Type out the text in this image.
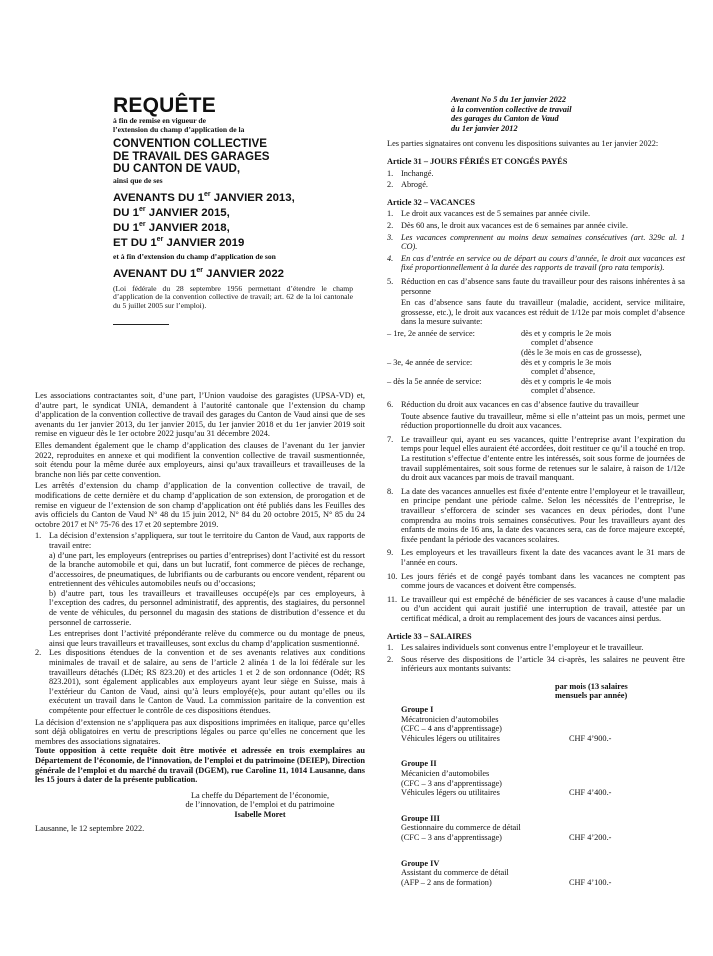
REQUÊTE
à fin de remise en vigueur de
l’extension du champ d’application de la
CONVENTION COLLECTIVE
DE TRAVAIL DES GARAGES
DU CANTON DE VAUD,
ainsi que de ses
AVENANTS DU 1er JANVIER 2013,
DU 1er JANVIER 2015,
DU 1er JANVIER 2018,
ET DU 1er JANVIER 2019
et à fin d’extension du champ d’application de son
AVENANT DU 1er JANVIER 2022
(Loi fédérale du 28 septembre 1956 permettant d’étendre le champ d’application de la convention collective de travail; art. 62 de la loi cantonale du 5 juillet 2005 sur l’emploi).

Les associations contractantes soit, d’une part, l’Union vaudoise des garagistes (UPSA-VD) et, d’autre part, le syndicat UNIA, demandent à l’autorité cantonale que l’extension du champ d’application de la convention collective de travail des garages du Canton de Vaud ainsi que de ses avenants du 1er janvier 2013, du 1er janvier 2015, du 1er janvier 2018 et du 1er janvier 2019 soit remise en vigueur dès le 1er octobre 2022 jusqu’au 31 décembre 2024.

Elles demandent également que le champ d’application des clauses de l’avenant du 1er janvier 2022, reproduites en annexe et qui modifient la convention collective de travail susmentionnée, soit étendu pour la même durée aux employeurs, ainsi qu’aux travailleurs et travailleuses de la branche non liés par cette convention.

Les arrêtés d’extension du champ d’application de la convention collective de travail, de modifications de cette dernière et du champ d’application de son extension, de prorogation et de remise en vigueur de l’extension de son champ d’application ont été publiés dans les Feuilles des avis officiels du Canton de Vaud N° 48 du 15 juin 2012, N° 84 du 20 octobre 2015, N° 85 du 24 octobre 2017 et N° 75-76 des 17 et 20 septembre 2019.

1. La décision d’extension s’appliquera, sur tout le territoire du Canton de Vaud, aux rapports de travail entre:

a) d’une part, les employeurs (entreprises ou parties d’entreprises) dont l’activité est du ressort de la branche automobile et qui, dans un but lucratif, font commerce de pièces de rechange, d’accessoires, de pneumatiques, de lubrifiants ou de carburants ou encore vendent, réparent ou entretiennent des véhicules automobiles neufs ou d’occasions;

b) d’autre part, tous les travailleurs et travailleuses occupé(e)s par ces employeurs, à l’exception des cadres, du personnel administratif, des apprentis, des stagiaires, du personnel de vente de véhicules, du personnel du magasin des stations de distribution d’essence et du personnel de carrosserie.

Les entreprises dont l’activité prépondérante relève du commerce ou du montage de pneus, ainsi que leurs travailleurs et travailleuses, sont exclus du champ d’application susmentionné.

2. Les dispositions étendues de la convention et de ses avenants relatives aux conditions minimales de travail et de salaire, au sens de l’article 2 alinéa 1 de la loi fédérale sur les travailleurs détachés (LDét; RS 823.20) et des articles 1 et 2 de son ordonnance (Odét; RS 823.201), sont également applicables aux employeurs ayant leur siège en Suisse, mais à l’extérieur du Canton de Vaud, ainsi qu’à leurs employé(e)s, pour autant qu’elles ou ils exécutent un travail dans le Canton de Vaud. La commission paritaire de la convention est compétente pour effectuer le contrôle de ces dispositions étendues.

La décision d’extension ne s’appliquera pas aux dispositions imprimées en italique, parce qu’elles sont déjà obligatoires en vertu de prescriptions légales ou parce qu’elles ne concernent que les membres des associations signataires.

Toute opposition à cette requête doit être motivée et adressée en trois exemplaires au Département de l’économie, de l’innovation, de l’emploi et du patrimoine (DEIEP), Direction générale de l’emploi et du marché du travail (DGEM), rue Caroline 11, 1014 Lausanne, dans les 15 jours à dater de la présente publication.

La cheffe du Département de l’économie,
de l’innovation, de l’emploi et du patrimoine
Isabelle Moret
Lausanne, le 12 septembre 2022.
Avenant No 5 du 1er janvier 2022
à la convention collective de travail
des garages du Canton de Vaud
du 1er janvier 2012

Les parties signataires ont convenu les dispositions suivantes au 1er janvier 2022:

Article 31 – JOURS FÉRIÉS ET CONGÉS PAYÉS
1. Inchangé.
2. Abrogé.
Article 32 – VACANCES
1. Le droit aux vacances est de 5 semaines par année civile.
2. Dès 60 ans, le droit aux vacances est de 6 semaines par année civile.
3. Les vacances comprennent au moins deux semaines consécutives (art. 329c al. 1 CO).
4. En cas d’entrée en service ou de départ au cours d’année, le droit aux vacances est fixé proportionnellement à la durée des rapports de travail (pro rata temporis).
5. Réduction en cas d’absence sans faute du travailleur pour des raisons inhérentes à sa personne

En cas d’absence sans faute du travailleur (maladie, accident, service militaire, grossesse, etc.), le droit aux vacances est réduit de 1/12e par mois complet d’absence dans la mesure suivante:

– 1re, 2e année de service:	dès et y compris le 2e mois
complet d’absence
(dès le 3e mois en cas de grossesse),
– 3e, 4e année de service:	dès et y compris le 3e mois
complet d’absence,
– dès la 5e année de service:	dès et y compris le 4e mois
complet d’absence.
6. Réduction du droit aux vacances en cas d’absence fautive du travailleur

Toute absence fautive du travailleur, même si elle n’atteint pas un mois, permet une réduction proportionnelle du droit aux vacances.

7. Le travailleur qui, ayant eu ses vacances, quitte l’entreprise avant l’expiration du temps pour lequel elles auraient été accordées, doit restituer ce qu’il a touché en trop. La restitution s’effectue d’entente entre les intéressés, soit sous forme de journées de travail supplémentaires, soit sous forme de retenues sur le salaire, à raison de 1/12e du droit aux vacances par mois de travail manquant.
8. La date des vacances annuelles est fixée d’entente entre l’employeur et le travailleur, en principe pendant une période calme. Selon les nécessités de l’entreprise, le travailleur s’efforcera de scinder ses vacances en deux périodes, dont l’une comprendra au moins trois semaines consécutives. Pour les travailleurs ayant des enfants de moins de 16 ans, la date des vacances sera, cas de force majeure excepté, fixée pendant la période des vacances scolaires.
9. Les employeurs et les travailleurs fixent la date des vacances avant le 31 mars de l’année en cours.
10. Les jours fériés et de congé payés tombant dans les vacances ne comptent pas comme jours de vacances et doivent être compensés.
11. Le travailleur qui est empêché de bénéficier de ses vacances à cause d’une maladie ou d’un accident qui aurait justifié une interruption de travail, attestée par un certificat médical, a droit au remplacement des jours de vacances ainsi perdus.
Article 33 – SALAIRES
1. Les salaires individuels sont convenus entre l’employeur et le travailleur.
2. Sous réserve des dispositions de l’article 34 ci-après, les salaires ne peuvent être inférieurs aux montants suivants:
par mois (13 salaires
mensuels par année)
Groupe I
Mécatronicien d’automobiles
(CFC – 4 ans d’apprentissage)
Véhicules légers ou utilitaires	CHF 4’900.-
Groupe II
Mécanicien d’automobiles
(CFC – 3 ans d’apprentissage)
Véhicules légers ou utilitaires	CHF 4’400.-
Groupe III
Gestionnaire du commerce de détail
(CFC – 3 ans d’apprentissage)	CHF 4’200.-
Groupe IV
Assistant du commerce de détail
(AFP – 2 ans de formation)	CHF 4’100.-
